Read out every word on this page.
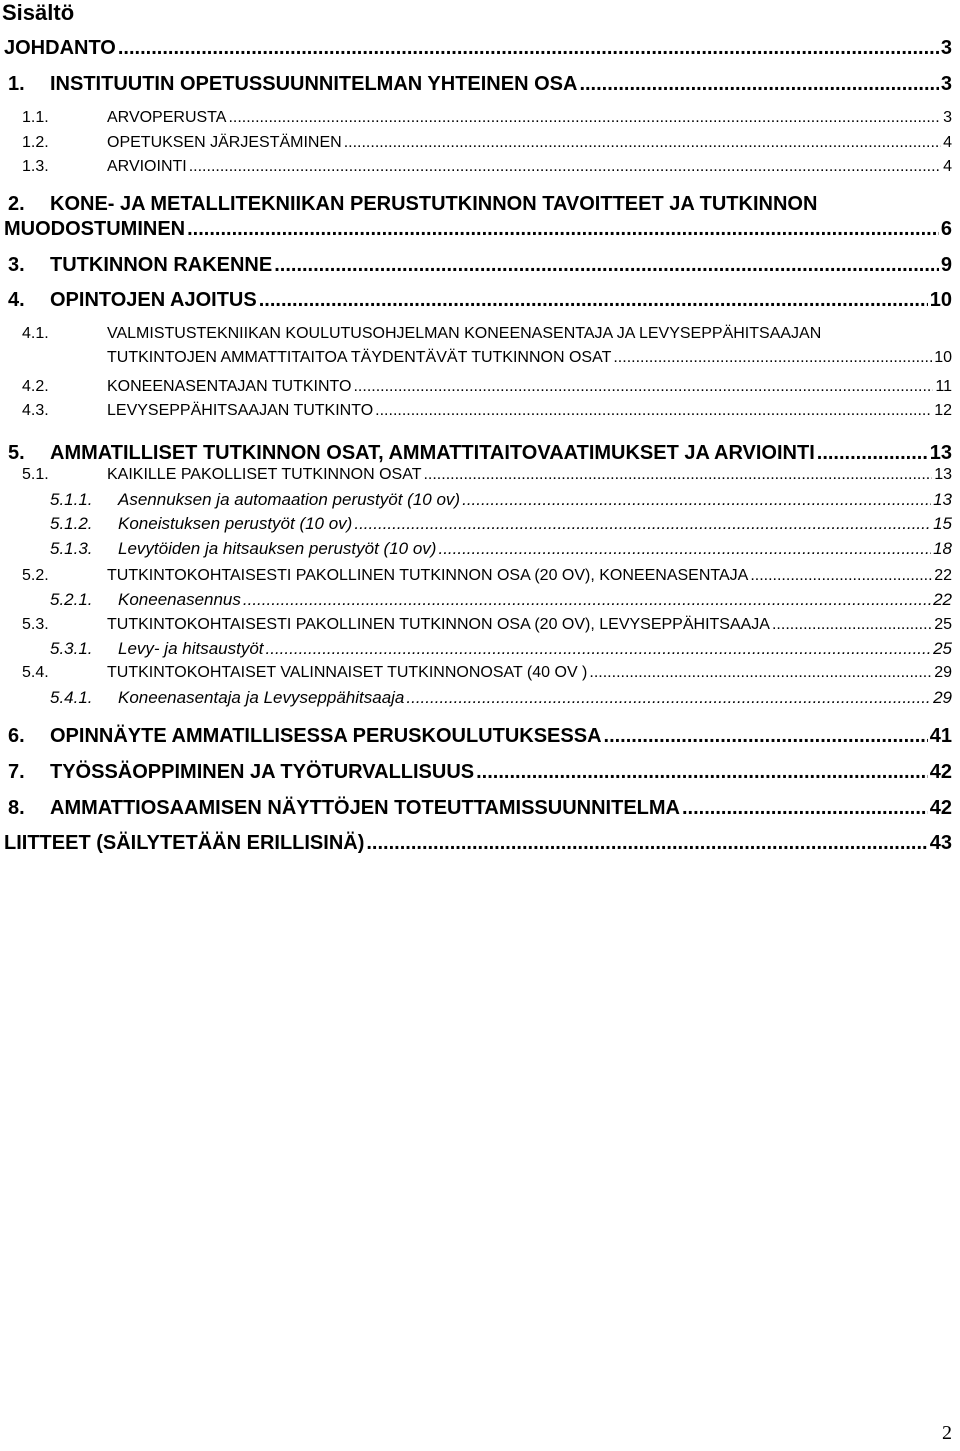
Sisältö
JOHDANTO .....	3
1. INSTITUUTIN OPETUSSUUNNITELMAN YHTEINEN OSA .....	3
1.1.	ARVOPERUSTA .....	3
1.2.	OPETUKSEN JÄRJESTÄMINEN .....	4
1.3.	ARVIOINTI .....	4
2. KONE- JA METALLITEKNIIKAN PERUSTUTKINNON TAVOITTEET JA TUTKINNON
MUODOSTUMINEN .....	6
3. TUTKINNON RAKENNE .....	9
4. OPINTOJEN AJOITUS .....	10
4.1.	VALMISTUSTEKNIIKAN KOULUTUSOHJELMAN KONEENASENTAJA JA LEVYSEPPÄHITSAAJAN
TUTKINTOJEN AMMATTITAITOA TÄYDENTÄVÄT TUTKINNON OSAT .....	10
4.2.	KONEENASENTAJAN TUTKINTO .....	11
4.3.	LEVYSEPPÄHITSAAJAN TUTKINTO .....	12
5. AMMATILLISET TUTKINNON OSAT, AMMATTITAITOVAATIMUKSET JA ARVIOINTI .....	13
5.1.	KAIKILLE PAKOLLISET TUTKINNON OSAT .....	13
5.1.1. Asennuksen ja automaation perustyöt (10 ov) .....	13
5.1.2. Koneistuksen perustyöt (10 ov) .....	15
5.1.3. Levytöiden ja hitsauksen perustyöt (10 ov) .....	18
5.2.	TUTKINTOKOHTAISESTI PAKOLLINEN TUTKINNON OSA (20 OV), KONEENASENTAJA .....	22
5.2.1. Koneenasennus .....	22
5.3.	TUTKINTOKOHTAISESTI PAKOLLINEN TUTKINNON OSA (20 OV), LEVYSEPPÄHITSAAJA .....	25
5.3.1. Levy- ja hitsaustyöt .....	25
5.4.	TUTKINTOKOHTAISET VALINNAISET TUTKINNONOSAT (40 OV ) .....	29
5.4.1. Koneenasentaja ja Levyseppähitsaaja .....	29
6. OPINNÄYTE AMMATILLISESSA PERUSKOULUTUKSESSA .....	41
7. TYÖSSÄOPPIMINEN JA TYÖTURVALLISUUS .....	42
8. AMMATTIOSAAMISEN NÄYTTÖJEN TOTEUTTAMISSUUNNITELMA .....	42
LIITTEET (SÄILYTETÄÄN ERILLISINÄ) .....	43
2
